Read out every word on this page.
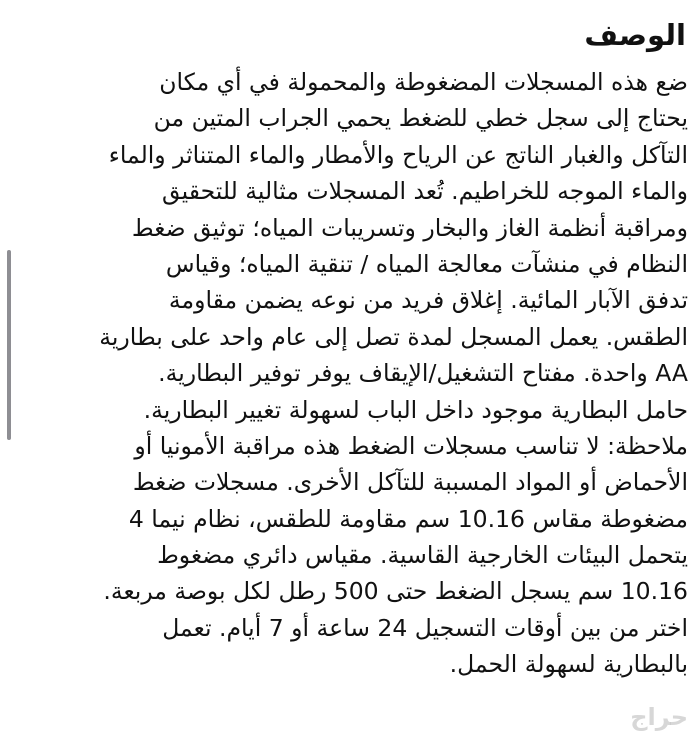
الوصف
ضع هذه المسجلات المضغوطة والمحمولة في أي مكان
يحتاج إلى سجل خطي للضغط يحمي الجراب المتين من
التآكل والغبار الناتج عن الرياح والأمطار والماء المتناثر والماء
والماء الموجه للخراطيم. تُعد المسجلات مثالية للتحقيق
ومراقبة أنظمة الغاز والبخار وتسريبات المياه؛ توثيق ضغط
النظام في منشآت معالجة المياه / تنقية المياه؛ وقياس
تدفق الآبار المائية. إغلاق فريد من نوعه يضمن مقاومة
الطقس. يعمل المسجل لمدة تصل إلى عام واحد على بطارية
AA واحدة. مفتاح التشغيل/الإيقاف يوفر توفير البطارية.
حامل البطارية موجود داخل الباب لسهولة تغيير البطارية.
ملاحظة: لا تناسب مسجلات الضغط هذه مراقبة الأمونيا أو
الأحماض أو المواد المسببة للتآكل الأخرى. مسجلات ضغط
مضغوطة مقاس 10.16 سم مقاومة للطقس، نظام نيما 4
يتحمل البيئات الخارجية القاسية. مقياس دائري مضغوط
10.16 سم يسجل الضغط حتى 500 رطل لكل بوصة مربعة.
اختر من بين أوقات التسجيل 24 ساعة أو 7 أيام. تعمل
بالبطارية لسهولة الحمل.
حراج
